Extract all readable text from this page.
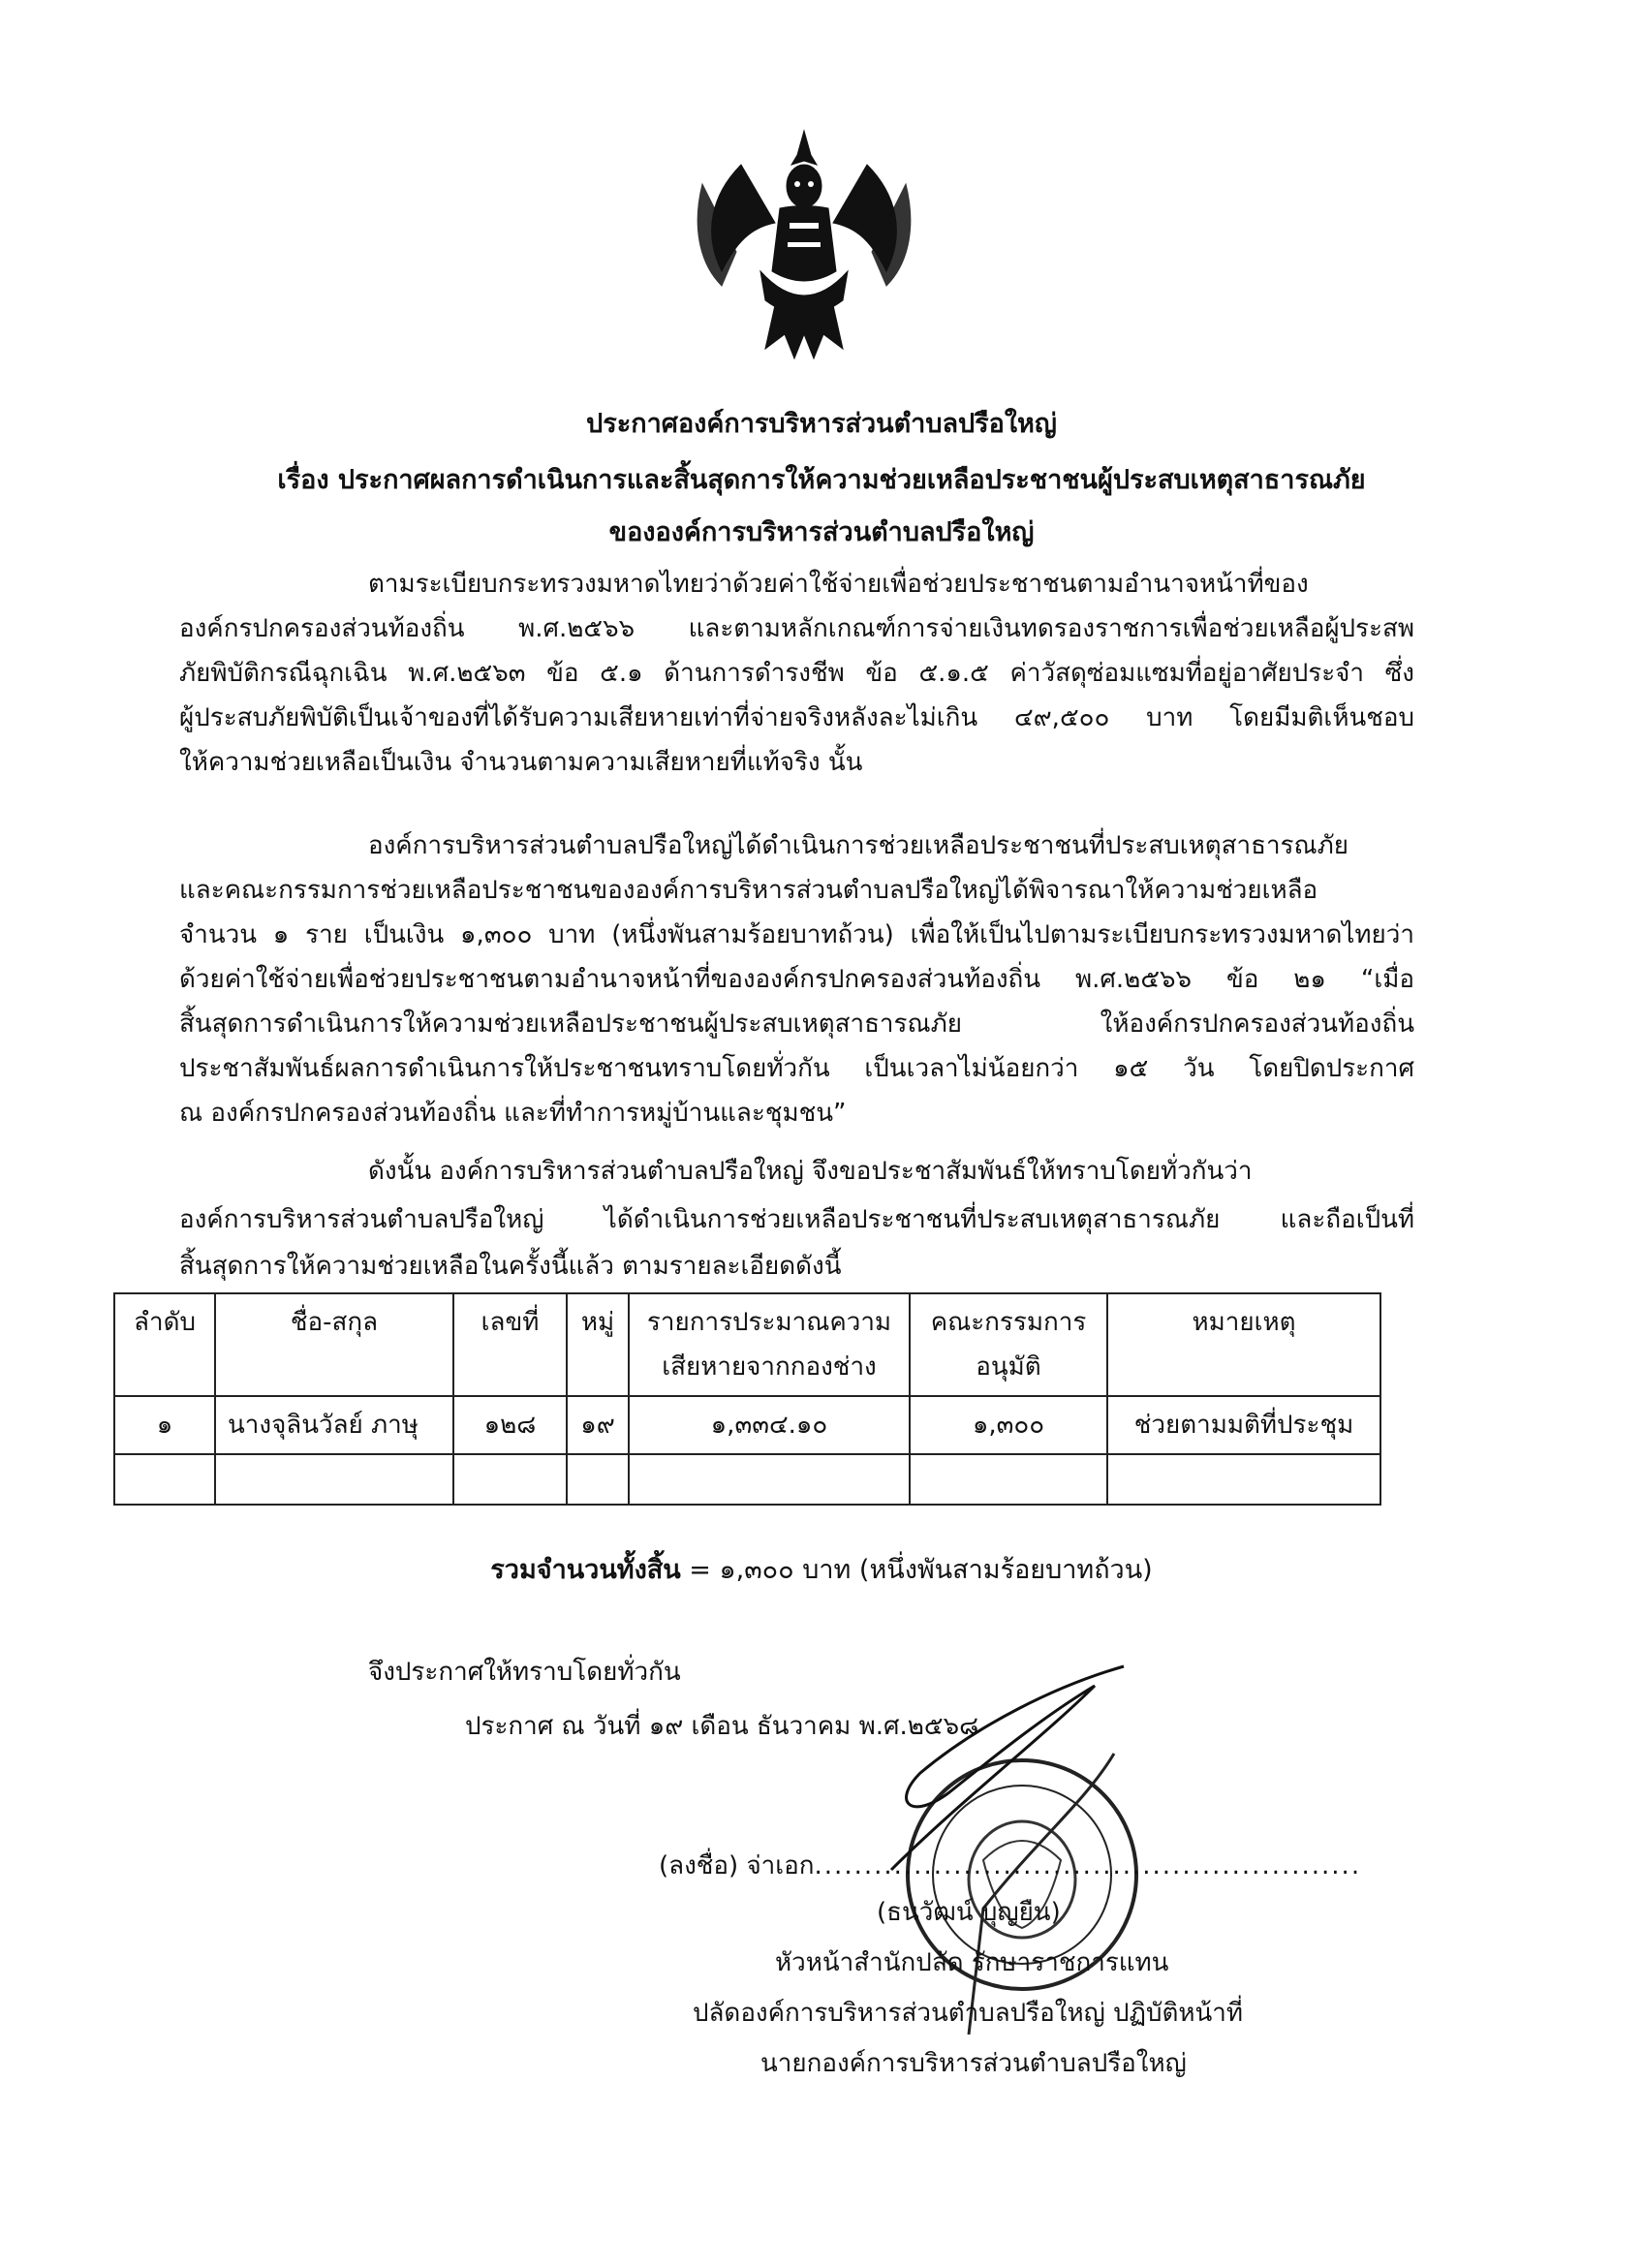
ประกาศองค์การบริหารส่วนตำบลปรือใหญ่
เรื่อง ประกาศผลการดำเนินการและสิ้นสุดการให้ความช่วยเหลือประชาชนผู้ประสบเหตุสาธารณภัย
ขององค์การบริหารส่วนตำบลปรือใหญ่
ตามระเบียบกระทรวงมหาดไทยว่าด้วยค่าใช้จ่ายเพื่อช่วยประชาชนตามอำนาจหน้าที่ของ
องค์กรปกครองส่วนท้องถิ่น พ.ศ.๒๕๖๖ และตามหลักเกณฑ์การจ่ายเงินทดรองราชการเพื่อช่วยเหลือผู้ประสพ
ภัยพิบัติกรณีฉุกเฉิน พ.ศ.๒๕๖๓ ข้อ ๕.๑ ด้านการดำรงชีพ ข้อ ๕.๑.๕ ค่าวัสดุซ่อมแซมที่อยู่อาศัยประจำ ซึ่ง
ผู้ประสบภัยพิบัติเป็นเจ้าของที่ได้รับความเสียหายเท่าที่จ่ายจริงหลังละไม่เกิน ๔๙,๕๐๐ บาท โดยมีมติเห็นชอบ
ให้ความช่วยเหลือเป็นเงิน จำนวนตามความเสียหายที่แท้จริง นั้น
องค์การบริหารส่วนตำบลปรือใหญ่ได้ดำเนินการช่วยเหลือประชาชนที่ประสบเหตุสาธารณภัย
และคณะกรรมการช่วยเหลือประชาชนขององค์การบริหารส่วนตำบลปรือใหญ่ได้พิจารณาให้ความช่วยเหลือ
จำนวน ๑ ราย เป็นเงิน ๑,๓๐๐ บาท (หนึ่งพันสามร้อยบาทถ้วน) เพื่อให้เป็นไปตามระเบียบกระทรวงมหาดไทยว่า
ด้วยค่าใช้จ่ายเพื่อช่วยประชาชนตามอำนาจหน้าที่ขององค์กรปกครองส่วนท้องถิ่น พ.ศ.๒๕๖๖ ข้อ ๒๑ “เมื่อ
สิ้นสุดการดำเนินการให้ความช่วยเหลือประชาชนผู้ประสบเหตุสาธารณภัย ให้องค์กรปกครองส่วนท้องถิ่น
ประชาสัมพันธ์ผลการดำเนินการให้ประชาชนทราบโดยทั่วกัน เป็นเวลาไม่น้อยกว่า ๑๕ วัน โดยปิดประกาศ
ณ องค์กรปกครองส่วนท้องถิ่น และที่ทำการหมู่บ้านและชุมชน”
ดังนั้น องค์การบริหารส่วนตำบลปรือใหญ่ จึงขอประชาสัมพันธ์ให้ทราบโดยทั่วกันว่า
องค์การบริหารส่วนตำบลปรือใหญ่ ได้ดำเนินการช่วยเหลือประชาชนที่ประสบเหตุสาธารณภัย และถือเป็นที่
ลำดับ	ชื่อ-สกุล	เลขที่	หมู่	รายการประมาณความเสียหายจากกองช่าง	คณะกรรมการอนุมัติ	หมายเหตุ
๑	นางจุลินวัลย์ ภาษุ	๑๒๘	๑๙	๑,๓๓๔.๑๐	๑,๓๐๐	ช่วยตามมติที่ประชุม

รวมจำนวนทั้งสิ้น = ๑,๓๐๐ บาท (หนึ่งพันสามร้อยบาทถ้วน)
จึงประกาศให้ทราบโดยทั่วกัน
ประกาศ ณ วันที่ ๑๙ เดือน ธันวาคม พ.ศ.๒๕๖๘
(ลงชื่อ) จ่าเอก.......................................................
(ธนวัฒน์ บุญยืน)
หัวหน้าสำนักปลัด รักษาราชการแทน
ปลัดองค์การบริหารส่วนตำบลปรือใหญ่ ปฏิบัติหน้าที่
นายกองค์การบริหารส่วนตำบลปรือใหญ่
สิ้นสุดการให้ความช่วยเหลือในครั้งนี้แล้ว ตามรายละเอียดดังนี้
